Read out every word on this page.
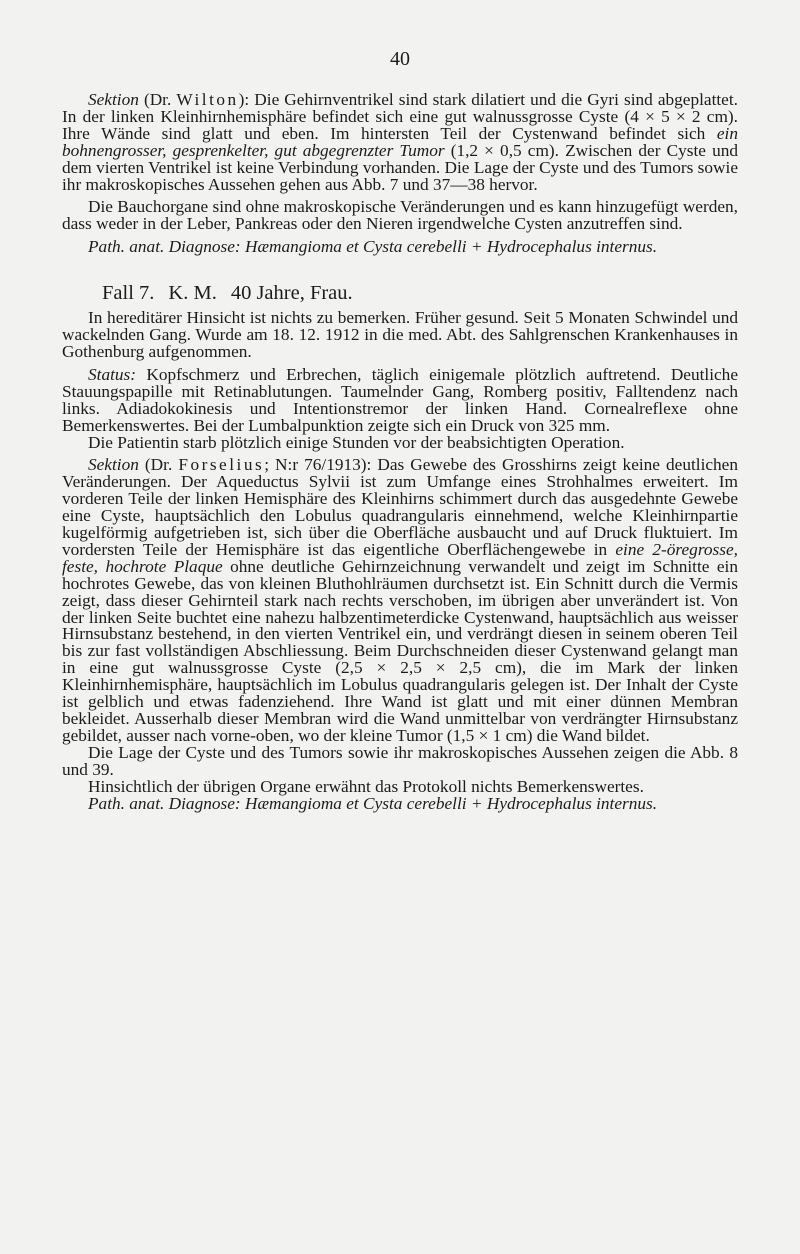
40

Sektion (Dr. Wilton): Die Gehirnventrikel sind stark dilatiert und die Gyri sind abgeplattet. In der linken Kleinhirnhemisphäre befindet sich eine gut walnussgrosse Cyste (4 × 5 × 2 cm). Ihre Wände sind glatt und eben. Im hintersten Teil der Cystenwand befindet sich ein bohnengrosser, gesprenkelter, gut abgegrenzter Tumor (1,2 × 0,5 cm). Zwischen der Cyste und dem vierten Ventrikel ist keine Verbindung vorhanden. Die Lage der Cyste und des Tumors sowie ihr makroskopisches Aussehen gehen aus Abb. 7 und 37—38 hervor.

Die Bauchorgane sind ohne makroskopische Veränderungen und es kann hinzugefügt werden, dass weder in der Leber, Pankreas oder den Nieren irgendwelche Cysten anzutreffen sind.

Path. anat. Diagnose: Hæmangioma et Cysta cerebelli + Hydrocephalus internus.

Fall 7. K. M. 40 Jahre, Frau.

In hereditärer Hinsicht ist nichts zu bemerken. Früher gesund. Seit 5 Monaten Schwindel und wackelnden Gang. Wurde am 18. 12. 1912 in die med. Abt. des Sahlgrenschen Krankenhauses in Gothenburg aufgenommen.

Status: Kopfschmerz und Erbrechen, täglich einigemale plötzlich auftretend. Deutliche Stauungspapille mit Retinablutungen. Taumelnder Gang, Romberg positiv, Falltendenz nach links. Adiadokokinesis und Intentionstremor der linken Hand. Cornealreflexe ohne Bemerkenswertes. Bei der Lumbalpunktion zeigte sich ein Druck von 325 mm.

Die Patientin starb plötzlich einige Stunden vor der beabsichtigten Operation.

Sektion (Dr. Forselius; N:r 76/1913): Das Gewebe des Grosshirns zeigt keine deutlichen Veränderungen. Der Aqueductus Sylvii ist zum Umfange eines Strohhalmes erweitert. Im vorderen Teile der linken Hemisphäre des Kleinhirns schimmert durch das ausgedehnte Gewebe eine Cyste, hauptsächlich den Lobulus quadrangularis einnehmend, welche Kleinhirnpartie kugelförmig aufgetrieben ist, sich über die Oberfläche ausbaucht und auf Druck fluktuiert. Im vordersten Teile der Hemisphäre ist das eigentliche Oberflächengewebe in eine 2-öregrosse, feste, hochrote Plaque ohne deutliche Gehirnzeichnung verwandelt und zeigt im Schnitte ein hochrotes Gewebe, das von kleinen Bluthohlräumen durchsetzt ist. Ein Schnitt durch die Vermis zeigt, dass dieser Gehirnteil stark nach rechts verschoben, im übrigen aber unverändert ist. Von der linken Seite buchtet eine nahezu halbzentimeterdicke Cystenwand, hauptsächlich aus weisser Hirnsubstanz bestehend, in den vierten Ventrikel ein, und verdrängt diesen in seinem oberen Teil bis zur fast vollständigen Abschliessung. Beim Durchschneiden dieser Cystenwand gelangt man in eine gut walnussgrosse Cyste (2,5 × 2,5 × 2,5 cm), die im Mark der linken Kleinhirnhemisphäre, hauptsächlich im Lobulus quadrangularis gelegen ist. Der Inhalt der Cyste ist gelblich und etwas fadenziehend. Ihre Wand ist glatt und mit einer dünnen Membran bekleidet. Ausserhalb dieser Membran wird die Wand unmittelbar von verdrängter Hirnsubstanz gebildet, ausser nach vorne-oben, wo der kleine Tumor (1,5 × 1 cm) die Wand bildet.

Die Lage der Cyste und des Tumors sowie ihr makroskopisches Aussehen zeigen die Abb. 8 und 39.

Hinsichtlich der übrigen Organe erwähnt das Protokoll nichts Bemerkenswertes.

Path. anat. Diagnose: Hæmangioma et Cysta cerebelli + Hydrocephalus internus.
